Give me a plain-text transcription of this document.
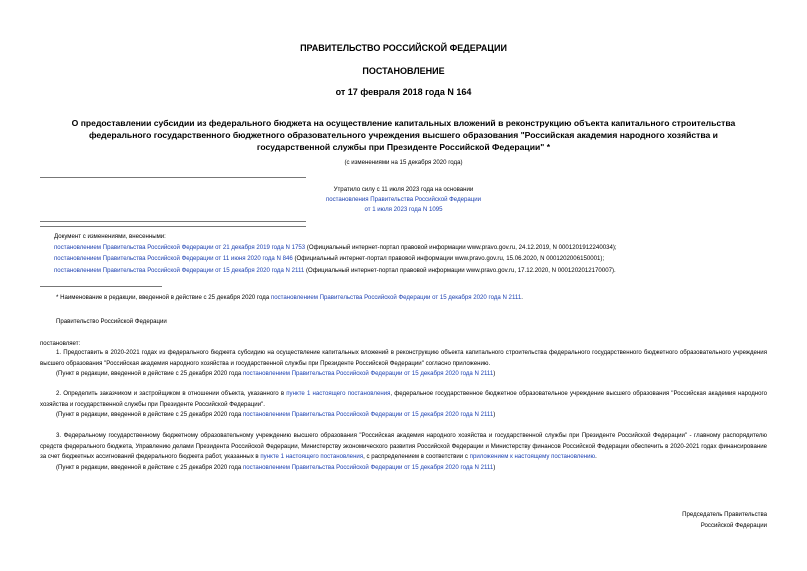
ПРАВИТЕЛЬСТВО РОССИЙСКОЙ ФЕДЕРАЦИИ
ПОСТАНОВЛЕНИЕ
от 17 февраля 2018 года N 164
О предоставлении субсидии из федерального бюджета на осуществление капитальных вложений в реконструкцию объекта капитального строительства
федерального государственного бюджетного образовательного учреждения высшего образования "Российская академия народного хозяйства и
государственной службы при Президенте Российской Федерации" *
(с изменениями на 15 декабря 2020 года)
Утратило силу с 11 июля 2023 года на основании
постановления Правительства Российской Федерации
от 1 июля 2023 года N 1095
Документ с изменениями, внесенными:
постановлением Правительства Российской Федерации от 21 декабря 2019 года N 1753 (Официальный интернет-портал правовой информации www.pravo.gov.ru, 24.12.2019, N 0001201912240034);
постановлением Правительства Российской Федерации от 11 июня 2020 года N 846 (Официальный интернет-портал правовой информации www.pravo.gov.ru, 15.06.2020, N 0001202006150001);
постановлением Правительства Российской Федерации от 15 декабря 2020 года N 2111 (Официальный интернет-портал правовой информации www.pravo.gov.ru, 17.12.2020, N 0001202012170007).
* Наименование в редакции, введенной в действие с 25 декабря 2020 года постановлением Правительства Российской Федерации от 15 декабря 2020 года N 2111.
Правительство Российской Федерации
постановляет:
1. Предоставить в 2020-2021 годах из федерального бюджета субсидию на осуществление капитальных вложений в реконструкцию объекта капитального строительства федерального государственного бюджетного образовательного учреждения высшего образования "Российская академия народного хозяйства и государственной службы при Президенте Российской Федерации" согласно приложению.
(Пункт в редакции, введенной в действие с 25 декабря 2020 года постановлением Правительства Российской Федерации от 15 декабря 2020 года N 2111)
2. Определить заказчиком и застройщиком в отношении объекта, указанного в пункте 1 настоящего постановления, федеральное государственное бюджетное образовательное учреждение высшего образования "Российская академия народного хозяйства и государственной службы при Президенте Российской Федерации".
(Пункт в редакции, введенной в действие с 25 декабря 2020 года постановлением Правительства Российской Федерации от 15 декабря 2020 года N 2111)
3. Федеральному государственному бюджетному образовательному учреждению высшего образования "Российская академия народного хозяйства и государственной службы при Президенте Российской Федерации" - главному распорядителю средств федерального бюджета, Управлению делами Президента Российской Федерации, Министерству экономического развития Российской Федерации и Министерству финансов Российской Федерации обеспечить в 2020-2021 годах финансирование за счет бюджетных ассигнований федерального бюджета работ, указанных в пункте 1 настоящего постановления, с распределением в соответствии с приложением к настоящему постановлению.
(Пункт в редакции, введенной в действие с 25 декабря 2020 года постановлением Правительства Российской Федерации от 15 декабря 2020 года N 2111)
Председатель Правительства
Российской Федерации
